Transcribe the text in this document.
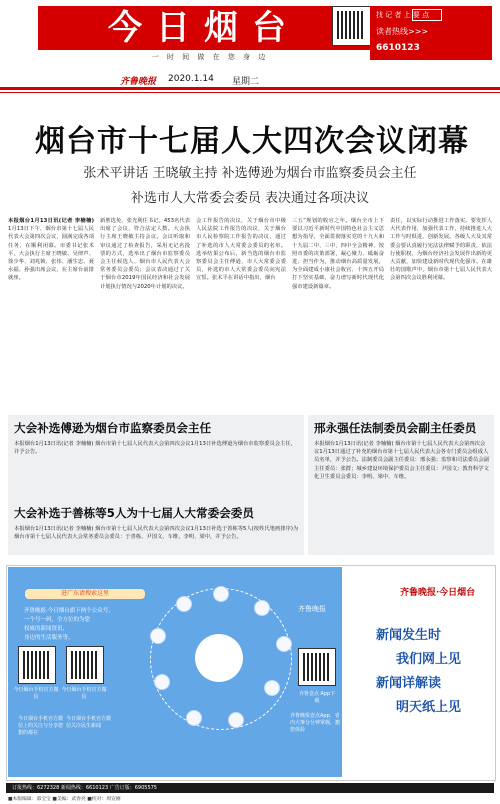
今日烟台	找 记 者 上 要 点
读者热线>>>
6610123
一 时 间 做 在 您 身 边
齐鲁晚报 2020.1.14 星期二
烟台市十七届人大四次会议闭幕
张术平讲话 王晓敏主持 补选傅逊为烟台市监察委员会主任
补选市人大常委会委员 表决通过各项决议
本报烟台1月13日讯(记者 李楠楠) 1月13日下午，烟台市第十七届人民代表大会第四次会议，圆满完成各项任务，在顺利闭幕。市委书记张术平，大会执行主席王晓敏、吴律声、徐少华、刘兆锁、张伟、潘生忠、聂水福、孙强出席会议，在主席台前排就座。
新胜选免、张光利任书记。453名代表出席了会议，符合法定人数。大会执行主席王晓敏主持会议。会议听取和审议通过了检查报告，采用无记名投票的方式，选举出了烟台市监察委员会主任候选人、烟台市人民代表大会常务委员会委员；会议表决通过了关于烟台市2019年国民经济和社会发展计划执行情况与2020年计划的决议。
会工作报告的决议，关于烟台市中级人民法院工作报告的决议，关于烟台市人民检察院工作报告的决议，通过了补选的市人大常委会委员的名单。选举结果公布后，新当选的烟台市监察委员会主任傅逊、市人大常委会委员，补选的市人大常委会委员向宪法宣誓。张术平在讲话中指出，烟台
三五”规划的收官之年。烟台全市上下要以习近平新时代中国特色社会主义思想为指导，全面贯彻落实党的十九大和十九届二中、三中、四中全会精神，按照市委的决策部署，凝心聚力、砥砺奋进、担当作为，推动烟台高质量发展，为全面建成小康社会收官、十四五开局打下坚实基础，奋力谱写新时代现代化强市建设新篇章。
责任，以实际行动推进工作落实。要发挥人大代表作用，加强代表工作，持续推进人大工作与时俱进、创新发展。各级人大及其常委会要认真履行宪法法律赋予的职责，依法行使职权，为烟台经济社会发展作出新的更大贡献，加快建设新时代现代化强市。在雄壮的国歌声中，烟台市第十七届人民代表大会第四次会议胜利闭幕。
大会补选傅逊为烟台市监察委员会主任
本报烟台1月13日讯(记者 李楠楠) 烟台市第十七届人民代表大会第四次会议1月13日补选傅逊为烟台市监察委员会主任，并予公告。
大会补选于善栋等5人为十七届人大常委会委员
本报烟台1月13日讯(记者 李楠楠) 烟台市第十七届人民代表大会第四次会议1月13日补选于善栋等5人(按姓氏笔画排序)为烟台市第十七届人民代表大会常务委员会委员：于善栋、尹国文、车维、李明、梁中，并予公告。
邢永强任法制委员会副主任委员
本报烟台1月13日讯(记者 李楠楠) 烟台市第十七届人民代表大会第四次会议1月13日通过了补充的烟台市第十七届人民代表大会各专门委员会组成人员名单，并予公告。法制委员会副主任委员：邢永强；监察和司法委员会副主任委员：张群；城乡建设环境保护委员会主任委员：尹国文；教育科学文化卫生委员会委员：李明、梁中、车维。
进广东请搜索这里
齐鲁晚报·今日烟台旗下两个公众号，
一个号一码，全方位的为您
权威的新闻资讯，
身边的生活服务等。
今日烟台手机官方微信
今日烟台手机官方微信	齐鲁壹点 App下载
今日烟台手机官方微信上的关注与分享您想的都在
今日烟台手机官方微信关注民生新闻
齐鲁晚报壹点App，省内大事分分钟掌握，邀您体验
齐鲁晚报
齐鲁晚报·今日烟台
新闻发生时
我们网上见
新闻详解读
明天纸上见
订报热线：6272328 新闻热线：6610123 广告订版：6905575
■本版编辑：邵宝宝 ■美编：武春亮 ■校对：周宣刚
